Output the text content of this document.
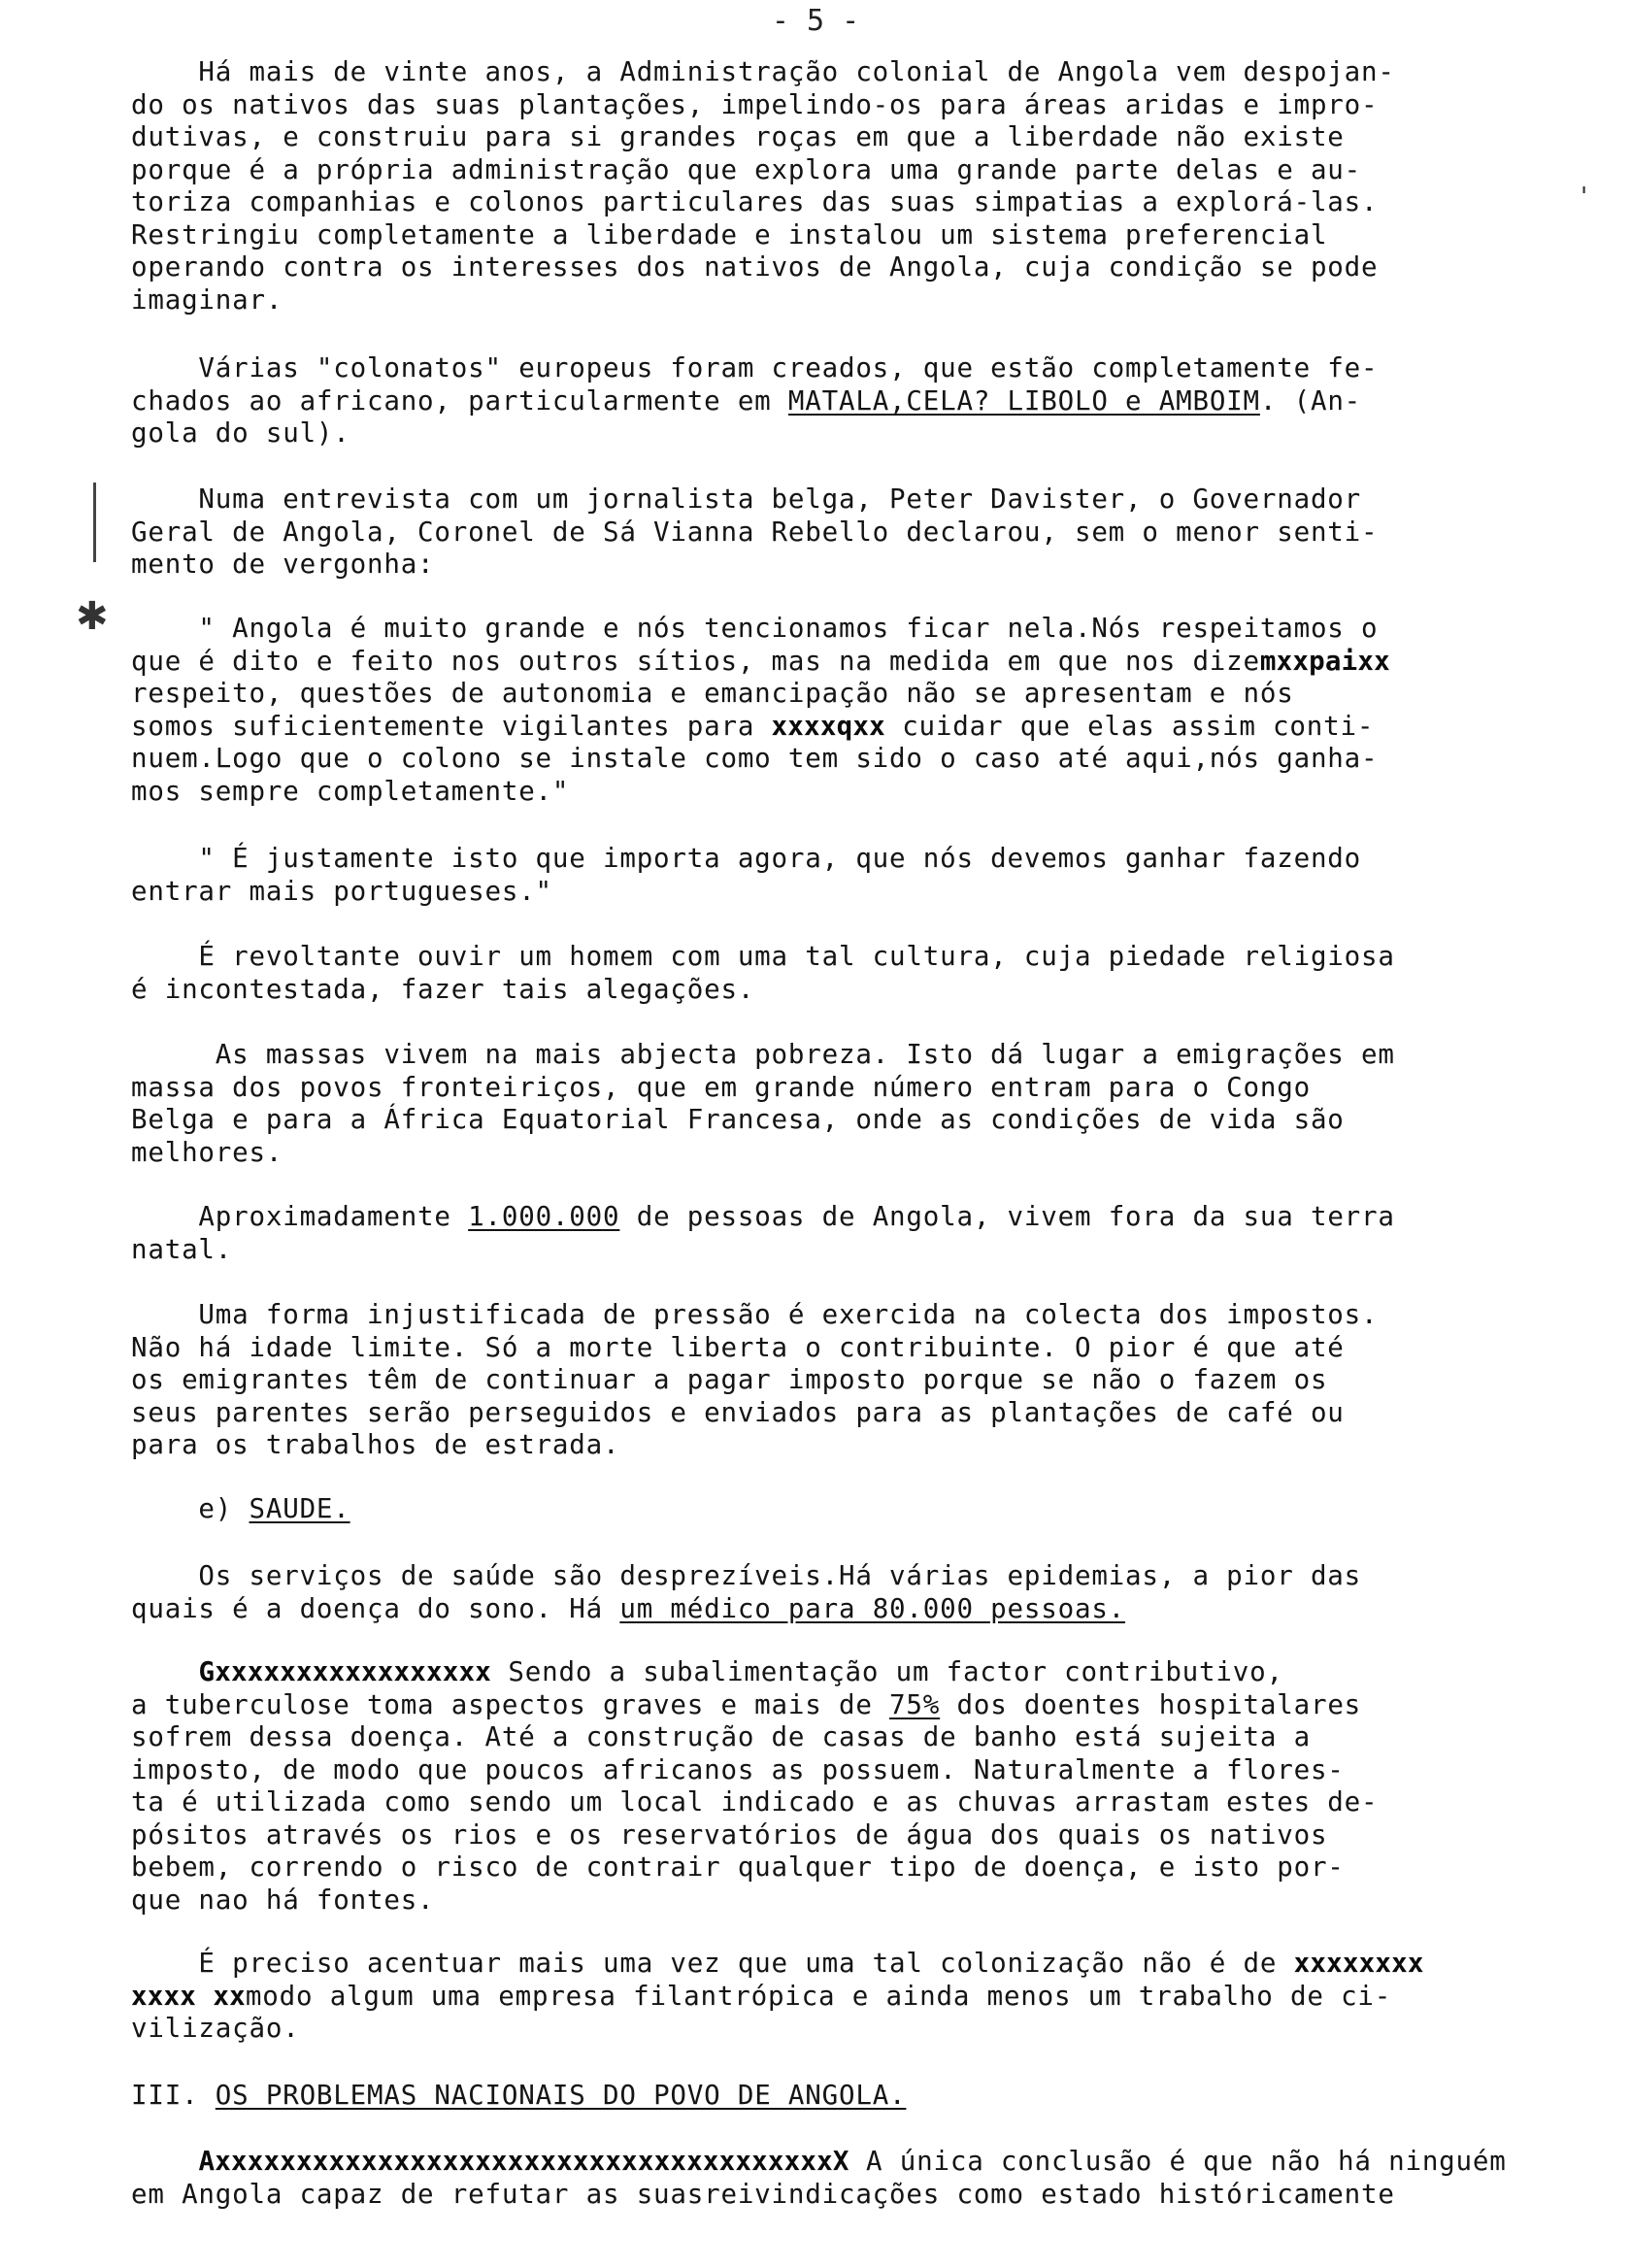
- 5 -
✱
'

Há mais de vinte anos, a Administração colonial de Angola vem despojan-
do os nativos das suas plantações, impelindo-os para áreas aridas e impro-
dutivas, e construiu para si grandes roças em que a liberdade não existe
porque é a própria administração que explora uma grande parte delas e au-
toriza companhias e colonos particulares das suas simpatias a explorá-las.
Restringiu completamente a liberdade e instalou um sistema preferencial
operando contra os interesses dos nativos de Angola, cuja condição se pode
imaginar.

Várias "colonatos" europeus foram creados, que estão completamente fe-
chados ao africano, particularmente em MATALA,CELA? LIBOLO e AMBOIM. (An-
gola do sul).

Numa entrevista com um jornalista belga, Peter Davister, o Governador
Geral de Angola, Coronel de Sá Vianna Rebello declarou, sem o menor senti-
mento de vergonha:

" Angola é muito grande e nós tencionamos ficar nela.Nós respeitamos o
que é dito e feito nos outros sítios, mas na medida em que nos dizemxxpaixx
respeito, questões de autonomia e emancipação não se apresentam e nós
somos suficientemente vigilantes para xxxxqxx cuidar que elas assim conti-
nuem.Logo que o colono se instale como tem sido o caso até aqui,nós ganha-
mos sempre completamente."

" É justamente isto que importa agora, que nós devemos ganhar fazendo
entrar mais portugueses."

É revoltante ouvir um homem com uma tal cultura, cuja piedade religiosa
é incontestada, fazer tais alegações.

As massas vivem na mais abjecta pobreza. Isto dá lugar a emigrações em
massa dos povos fronteiriços, que em grande número entram para o Congo
Belga e para a África Equatorial Francesa, onde as condições de vida são
melhores.

Aproximadamente 1.000.000 de pessoas de Angola, vivem fora da sua terra
natal.

Uma forma injustificada de pressão é exercida na colecta dos impostos.
Não há idade limite. Só a morte liberta o contribuinte. O pior é que até
os emigrantes têm de continuar a pagar imposto porque se não o fazem os
seus parentes serão perseguidos e enviados para as plantações de café ou
para os trabalhos de estrada.

e) SAUDE.

Os serviços de saúde são desprezíveis.Há várias epidemias, a pior das
quais é a doença do sono. Há um médico para 80.000 pessoas.

Gxxxxxxxxxxxxxxxxx Sendo a subalimentação um factor contributivo,
a tuberculose toma aspectos graves e mais de 75% dos doentes hospitalares
sofrem dessa doença. Até a construção de casas de banho está sujeita a
imposto, de modo que poucos africanos as possuem. Naturalmente a flores-
ta é utilizada como sendo um local indicado e as chuvas arrastam estes de-
pósitos através os rios e os reservatórios de água dos quais os nativos
bebem, correndo o risco de contrair qualquer tipo de doença, e isto por-
que nao há fontes.

É preciso acentuar mais uma vez que uma tal colonização não é de xxxxxxxx
xxxx xxmodo algum uma empresa filantrópica e ainda menos um trabalho de ci-
vilização.

III. OS PROBLEMAS NACIONAIS DO POVO DE ANGOLA.

AxxxxxxxxxxxxxxxxxxxxxxxxxxxxxxxxxxxxxxX A única conclusão é que não há ninguém
em Angola capaz de refutar as suasreivindicações como estado históricamente
